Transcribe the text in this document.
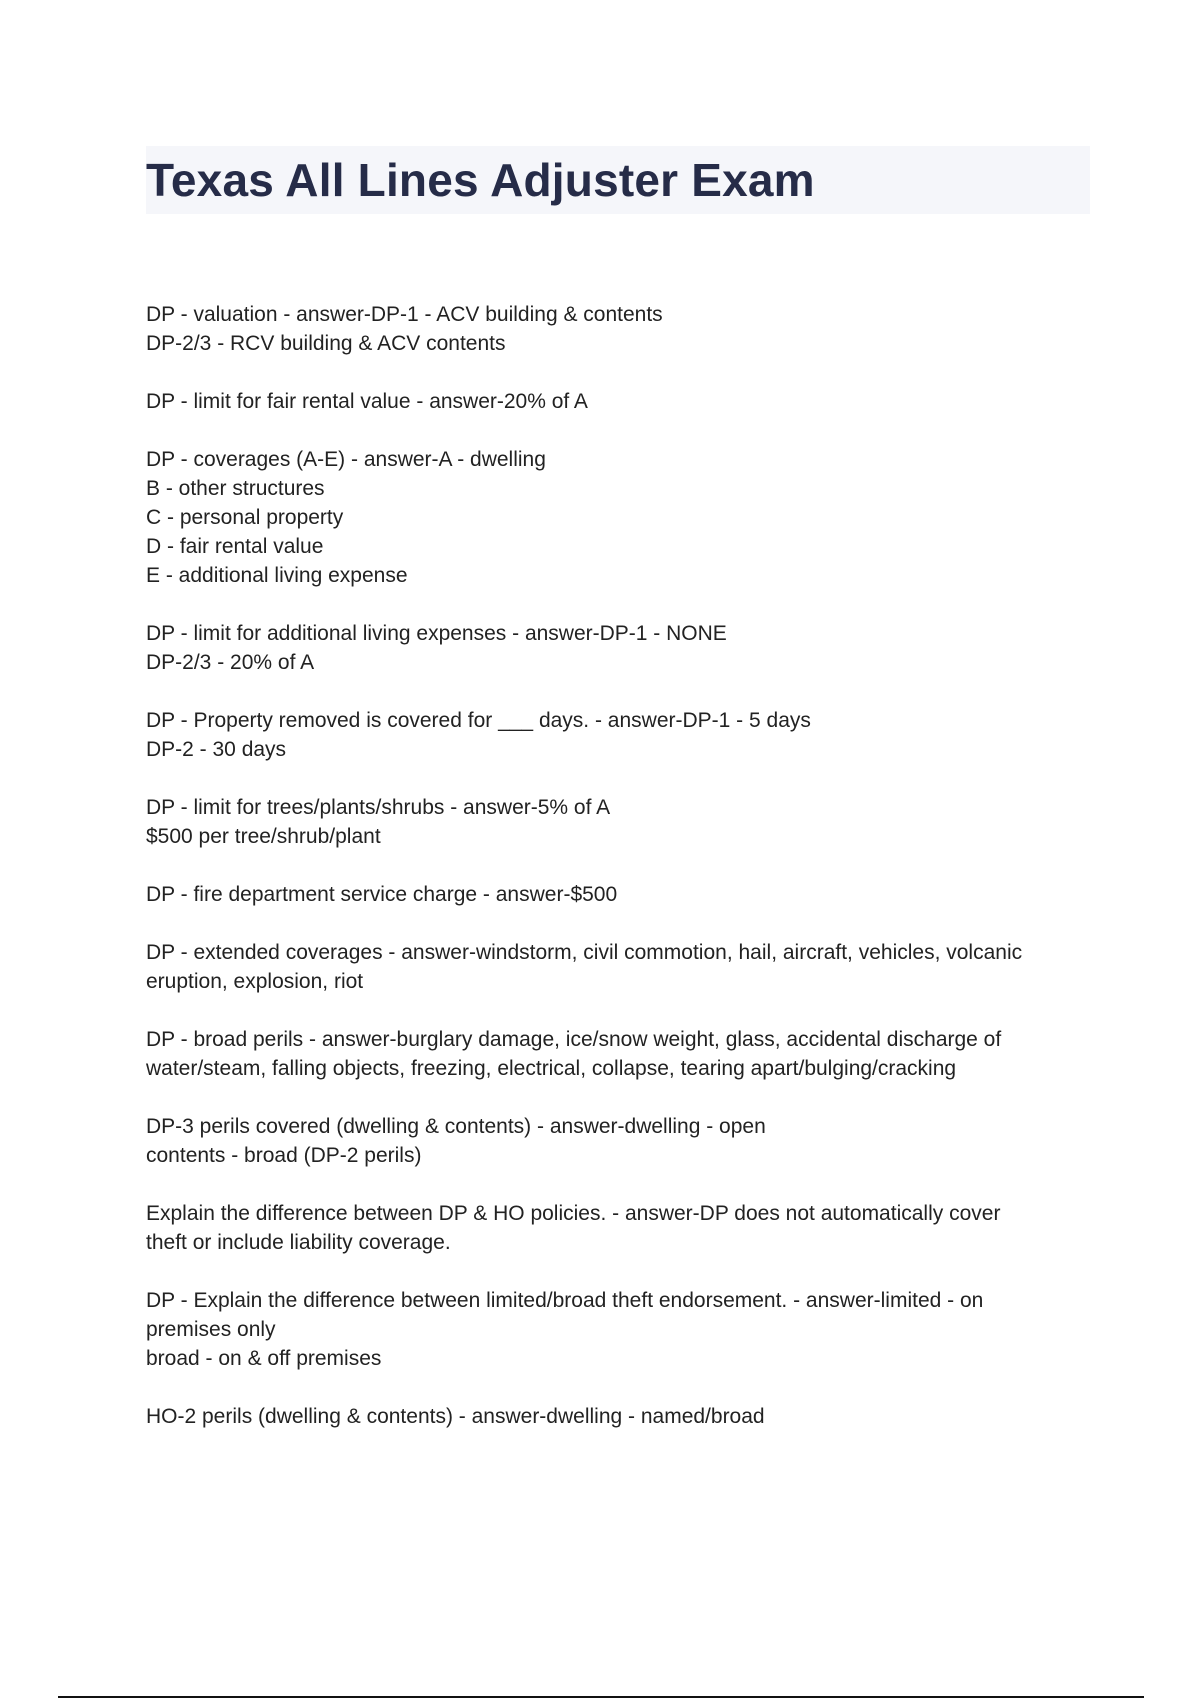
Texas All Lines Adjuster Exam
DP - valuation - answer-DP-1 - ACV building & contents
DP-2/3 - RCV building & ACV contents
DP - limit for fair rental value - answer-20% of A
DP - coverages (A-E) - answer-A - dwelling
B - other structures
C - personal property
D - fair rental value
E - additional living expense
DP - limit for additional living expenses - answer-DP-1 - NONE
DP-2/3 - 20% of A
DP - Property removed is covered for ___ days. - answer-DP-1 - 5 days
DP-2 - 30 days
DP - limit for trees/plants/shrubs - answer-5% of A
$500 per tree/shrub/plant
DP - fire department service charge - answer-$500
DP - extended coverages - answer-windstorm, civil commotion, hail, aircraft, vehicles, volcanic
eruption, explosion, riot
DP - broad perils - answer-burglary damage, ice/snow weight, glass, accidental discharge of
water/steam, falling objects, freezing, electrical, collapse, tearing apart/bulging/cracking
DP-3 perils covered (dwelling & contents) - answer-dwelling - open
contents - broad (DP-2 perils)
Explain the difference between DP & HO policies. - answer-DP does not automatically cover
theft or include liability coverage.
DP - Explain the difference between limited/broad theft endorsement. - answer-limited - on
premises only
broad - on & off premises
HO-2 perils (dwelling & contents) - answer-dwelling - named/broad
